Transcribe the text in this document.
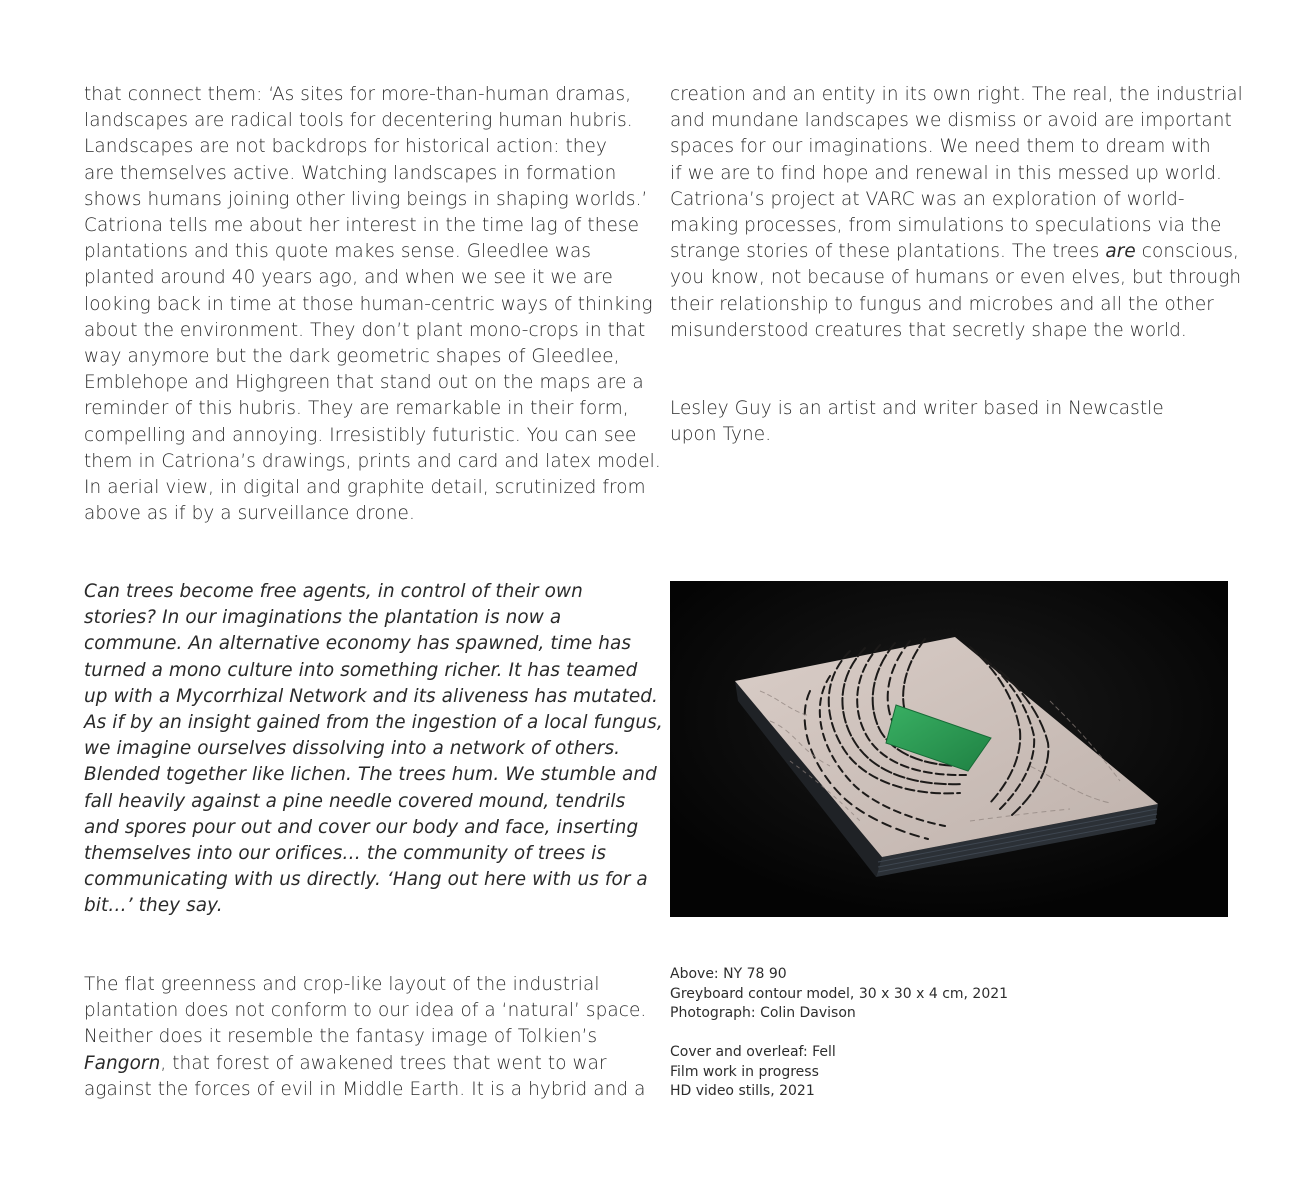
that connect them: ‘As sites for more-than-human dramas,
landscapes are radical tools for decentering human hubris.
Landscapes are not backdrops for historical action: they
are themselves active. Watching landscapes in formation
shows humans joining other living beings in shaping worlds.’
Catriona tells me about her interest in the time lag of these
plantations and this quote makes sense. Gleedlee was
planted around 40 years ago, and when we see it we are
looking back in time at those human-centric ways of thinking
about the environment. They don’t plant mono-crops in that
way anymore but the dark geometric shapes of Gleedlee,
Emblehope and Highgreen that stand out on the maps are a
reminder of this hubris. They are remarkable in their form,
compelling and annoying. Irresistibly futuristic. You can see
them in Catriona’s drawings, prints and card and latex model.
In aerial view, in digital and graphite detail, scrutinized from
above as if by a surveillance drone.
Can trees become free agents, in control of their own
stories? In our imaginations the plantation is now a
commune. An alternative economy has spawned, time has
turned a mono culture into something richer. It has teamed
up with a Mycorrhizal Network and its aliveness has mutated.
As if by an insight gained from the ingestion of a local fungus,
we imagine ourselves dissolving into a network of others.
Blended together like lichen. The trees hum. We stumble and
fall heavily against a pine needle covered mound, tendrils
and spores pour out and cover our body and face, inserting
themselves into our orifices… the community of trees is
communicating with us directly. ‘Hang out here with us for a
bit…’ they say.
The flat greenness and crop-like layout of the industrial
plantation does not conform to our idea of a ‘natural’ space.
Neither does it resemble the fantasy image of Tolkien’s
Fangorn, that forest of awakened trees that went to war
against the forces of evil in Middle Earth. It is a hybrid and a
creation and an entity in its own right. The real, the industrial
and mundane landscapes we dismiss or avoid are important
spaces for our imaginations. We need them to dream with
if we are to find hope and renewal in this messed up world.
Catriona’s project at VARC was an exploration of world-
making processes, from simulations to speculations via the
strange stories of these plantations. The trees are conscious,
you know, not because of humans or even elves, but through
their relationship to fungus and microbes and all the other
misunderstood creatures that secretly shape the world.
Lesley Guy is an artist and writer based in Newcastle
upon Tyne.
Above: NY 78 90
Greyboard contour model, 30 x 30 x 4 cm, 2021
Photograph: Colin Davison
Cover and overleaf: Fell
Film work in progress
HD video stills, 2021
